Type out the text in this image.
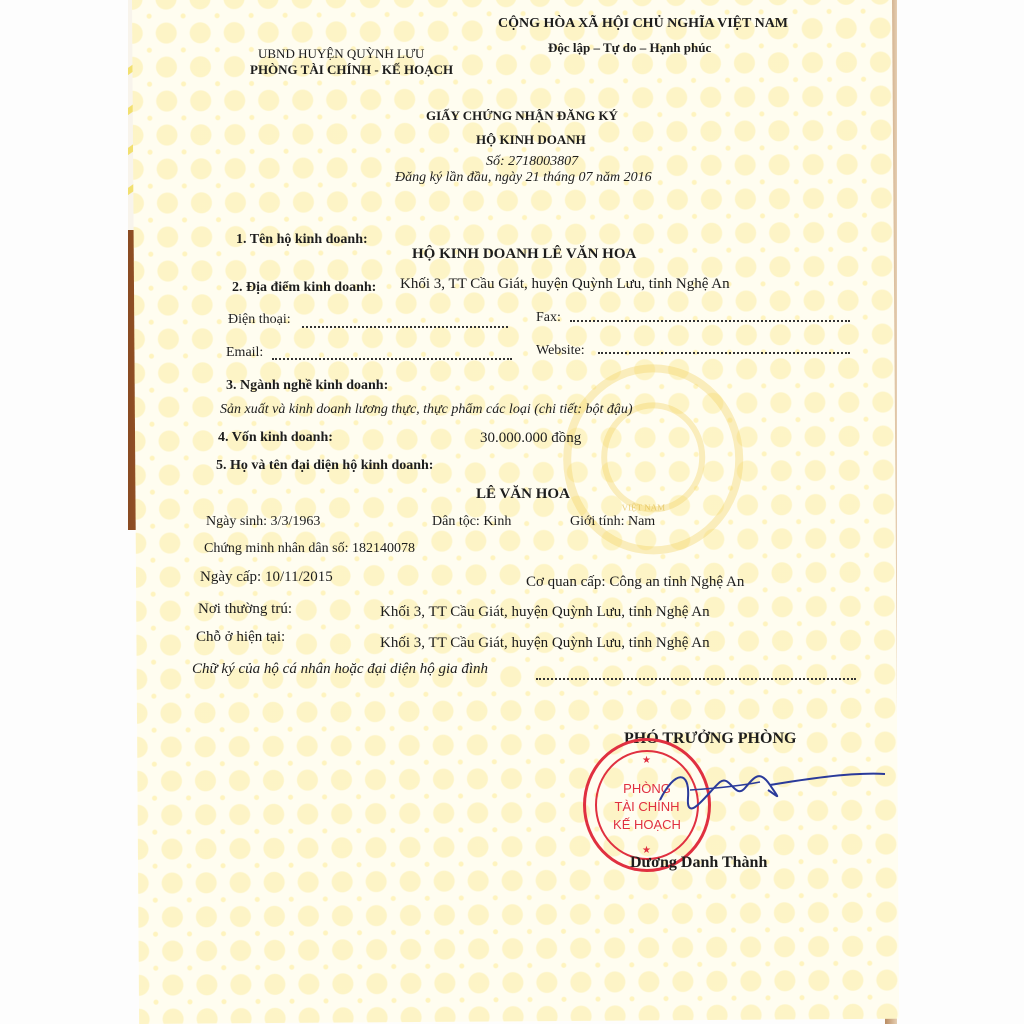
VIỆT NAM
UBND HUYỆN QUỲNH LƯU
PHÒNG TÀI CHÍNH - KẾ HOẠCH
CỘNG HÒA XÃ HỘI CHỦ NGHĨA VIỆT NAM
Độc lập – Tự do – Hạnh phúc
GIẤY CHỨNG NHẬN ĐĂNG KÝ
HỘ KINH DOANH
Số: 2718003807
Đăng ký lần đầu, ngày 21 tháng 07 năm 2016
1. Tên hộ kinh doanh:
HỘ KINH DOANH LÊ VĂN HOA
2. Địa điểm kinh doanh: Khối 3, TT Cầu Giát, huyện Quỳnh Lưu, tỉnh Nghệ An
Điện thoại:	Fax:
Email:	Website:
3. Ngành nghề kinh doanh:
Sản xuất và kinh doanh lương thực, thực phẩm các loại (chi tiết: bột đậu)
4. Vốn kinh doanh:	30.000.000 đồng
5. Họ và tên đại diện hộ kinh doanh:
LÊ VĂN HOA
Ngày sinh: 3/3/1963	Dân tộc: Kinh	Giới tính: Nam
Chứng minh nhân dân số: 182140078
Ngày cấp: 10/11/2015	Cơ quan cấp: Công an tỉnh Nghệ An
Nơi thường trú:	Khối 3, TT Cầu Giát, huyện Quỳnh Lưu, tỉnh Nghệ An
Chỗ ở hiện tại:	Khối 3, TT Cầu Giát, huyện Quỳnh Lưu, tỉnh Nghệ An
Chữ ký của hộ cá nhân hoặc đại diện hộ gia đình
PHÓ TRƯỞNG PHÒNG
★
PHÒNG
TÀI CHÍNH
KẾ HOẠCH
★
Dương Danh Thành
